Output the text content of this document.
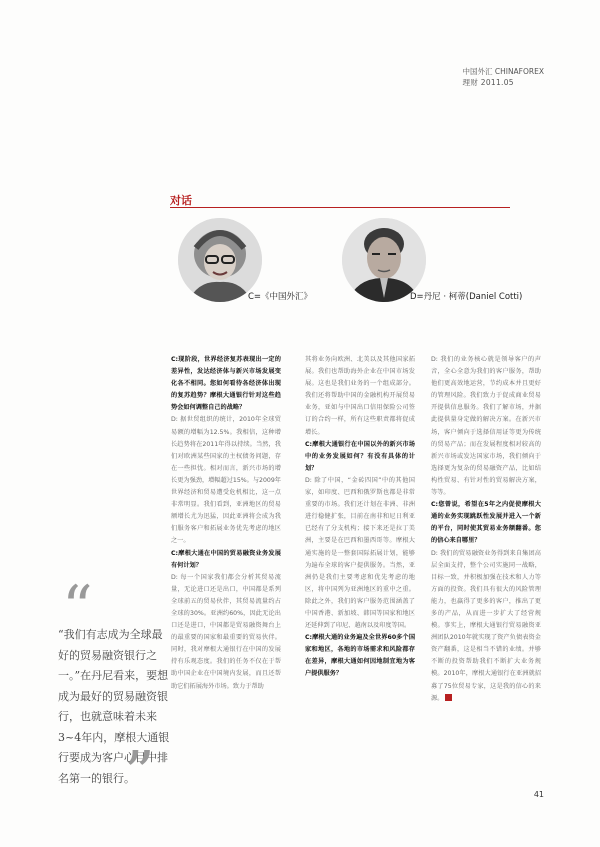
中国外汇 CHINAFOREX
理财 2011.05
对话
C=《中国外汇》	D=丹尼 · 柯蒂(Daniel Cotti)

C:现阶段，世界经济复苏表现出一定的差异性，发达经济体与新兴市场发展变化各不相同。您如何看待各经济体出现的复苏趋势？摩根大通银行针对这些趋势会如何调整自己的战略？

D: 据世贸组织的统计，2010年全球贸易额的增幅为12.5%。我相信，这种增长趋势将在2011年得以持续。当然，我们对欧洲某些国家的主权债务问题，存在一些担忧。相对而言，新兴市场的增长更为强劲，增幅超过15%。与2009年世界经济和贸易遭受危机相比，这一点非常明显。我们看到，亚洲地区的贸易额增长尤为迅猛，因此亚洲将会成为我们服务客户和拓展业务优先考虑的地区之一。

C:摩根大通在中国的贸易融资业务发展有何计划？

D: 每一个国家我们都会分析其贸易流量，无论进口还是出口，中国都是系列全球前五的贸易伙伴，其贸易流量约占全球的30%。亚洲约60%，因此无论出口还是进口，中国都是贸易融资舞台上的最重要的国家和最重要的贸易伙伴。同时，我对摩根大通银行在中国的发展持有乐观态度。我们的任务不仅在于帮助中国企业在中国境内发展，而且还帮助它们拓展海外市场。致力于帮助

其将业务向欧洲、北美以及其他国家拓展。我们也帮助海外企业在中国市场发展。这也是我们业务的一个组成部分。我们还将帮助中国的金融机构开展贸易业务，亚如与中国出口信用保险公司签订的合约一样，所有这些职责都将促成增长。

C:摩根大通银行在中国以外的新兴市场中的业务发展如何？有没有具体的计划？

D: 除了中国，“金砖四国”中的其他国家，如印度、巴西和俄罗斯也都是非常重要的市场。我们还计划在非洲、非洲进行稳健扩张，目前在南非和尼日利亚已经有了分支机构；接下来还是拉丁美洲，主要是在巴西和墨西哥等。摩根大通实施的是一整套国际拓展计划，能够为遍布全球的客户提供服务。当然，亚洲仍是我们主要考虑和优先考虑的地区，将中国列为亚洲地区的重中之重。除此之外，我们的客户服务范围涵盖了中国香港、新加坡、韩国等国家和地区还延伸到了印尼、越南以及印度等国。

C:摩根大通的业务遍及全世界60多个国家和地区，各地的市场需求和风险都存在差异，摩根大通如何因地制宜地为客户提供服务？

D: 我们的业务核心就是领导客户的声音，全心全意为我们的客户服务，帮助他们更高效地运营，节约成本并且更好的管理风险。我们致力于促成商业贸易开提供信息服务。我们了解市场，并据此提供量身定做的解决方案。在新兴市场，客户倾向于选择信用证等更为传统的贸易产品；而在发展程度相对较高的新兴市场或发达国家市场，我们倾向于选择更为复杂的贸易融资产品，比如结构性贸易、有针对性的贸易解决方案，等等。

C:您曾说，希望在5年之内促使摩根大通的业务实现跳跃性发展并进入一个新的平台，同时使其贸易业务额翻番。您的信心来自哪里？

D: 我们的贸易融资业务得到来自集团高层全面支持，整个公司实施同一战略，目标一致，并积极加强在技术和人力等方面的投资。我们具有很大的风险管理能力，也赢得了更多的客户，推出了更多的产品，从而进一步扩大了经营规模。事实上，摩根大通银行贸易融资亚洲团队2010年就实现了资产负债表资金资产翻番，这是相当不错的业绩。并够不断的投资帮助我们不断扩大业务规模。2010年，摩根大通银行在亚洲就招募了75位贸易专家，这是我的信心的来源。

“
“我们有志成为全球最好的贸易融资银行之一。”在丹尼看来，要想成为最好的贸易融资银行，也就意味着未来3~4年内，摩根大通银行要成为客户心目中排名第一的银行。
”	41
